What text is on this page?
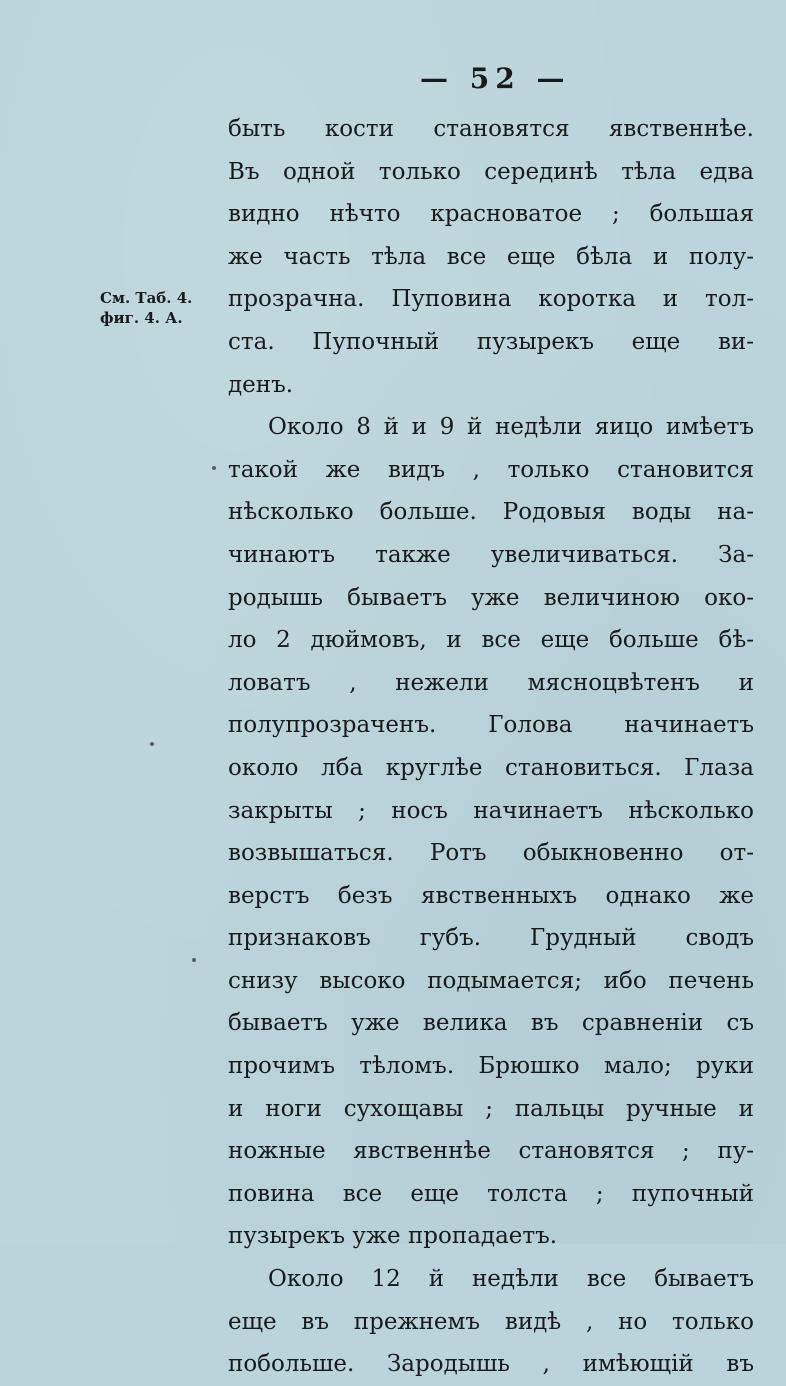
— 52 —
См. Таб. 4.
фиг. 4. А.
быть кости становятся явственнѣе.
Въ одной только серединѣ тѣла едва
видно нѣчто красноватое ; большая
же часть тѣла все еще бѣла и полу-
прозрачна. Пуповина коротка и тол-
ста. Пупочный пузырекъ еще ви-
денъ.
Около 8 й и 9 й недѣли яицо имѣетъ
такой же видъ , только становится
нѣсколько больше. Родовыя воды на-
чинаютъ также увеличиваться. За-
родышь бываетъ уже величиною око-
ло 2 дюймовъ, и все еще больше бѣ-
ловатъ , нежели мясноцвѣтенъ и
полупрозраченъ. Голова начинаетъ
около лба круглѣе становиться. Глаза
закрыты ; носъ начинаетъ нѣсколько
возвышаться. Ротъ обыкновенно от-
верстъ безъ явственныхъ однако же
признаковъ губъ. Грудный сводъ
снизу высоко подымается; ибо печень
бываетъ уже велика въ сравненіи съ
прочимъ тѣломъ. Брюшко мало; руки
и ноги сухощавы ; пальцы ручные и
ножные явственнѣе становятся ; пу-
повина все еще толста ; пупочный
пузырекъ уже пропадаетъ.
Около 12 й недѣли все бываетъ
еще въ прежнемъ видѣ , но только
побольше. Зародышь , имѣющій въ
